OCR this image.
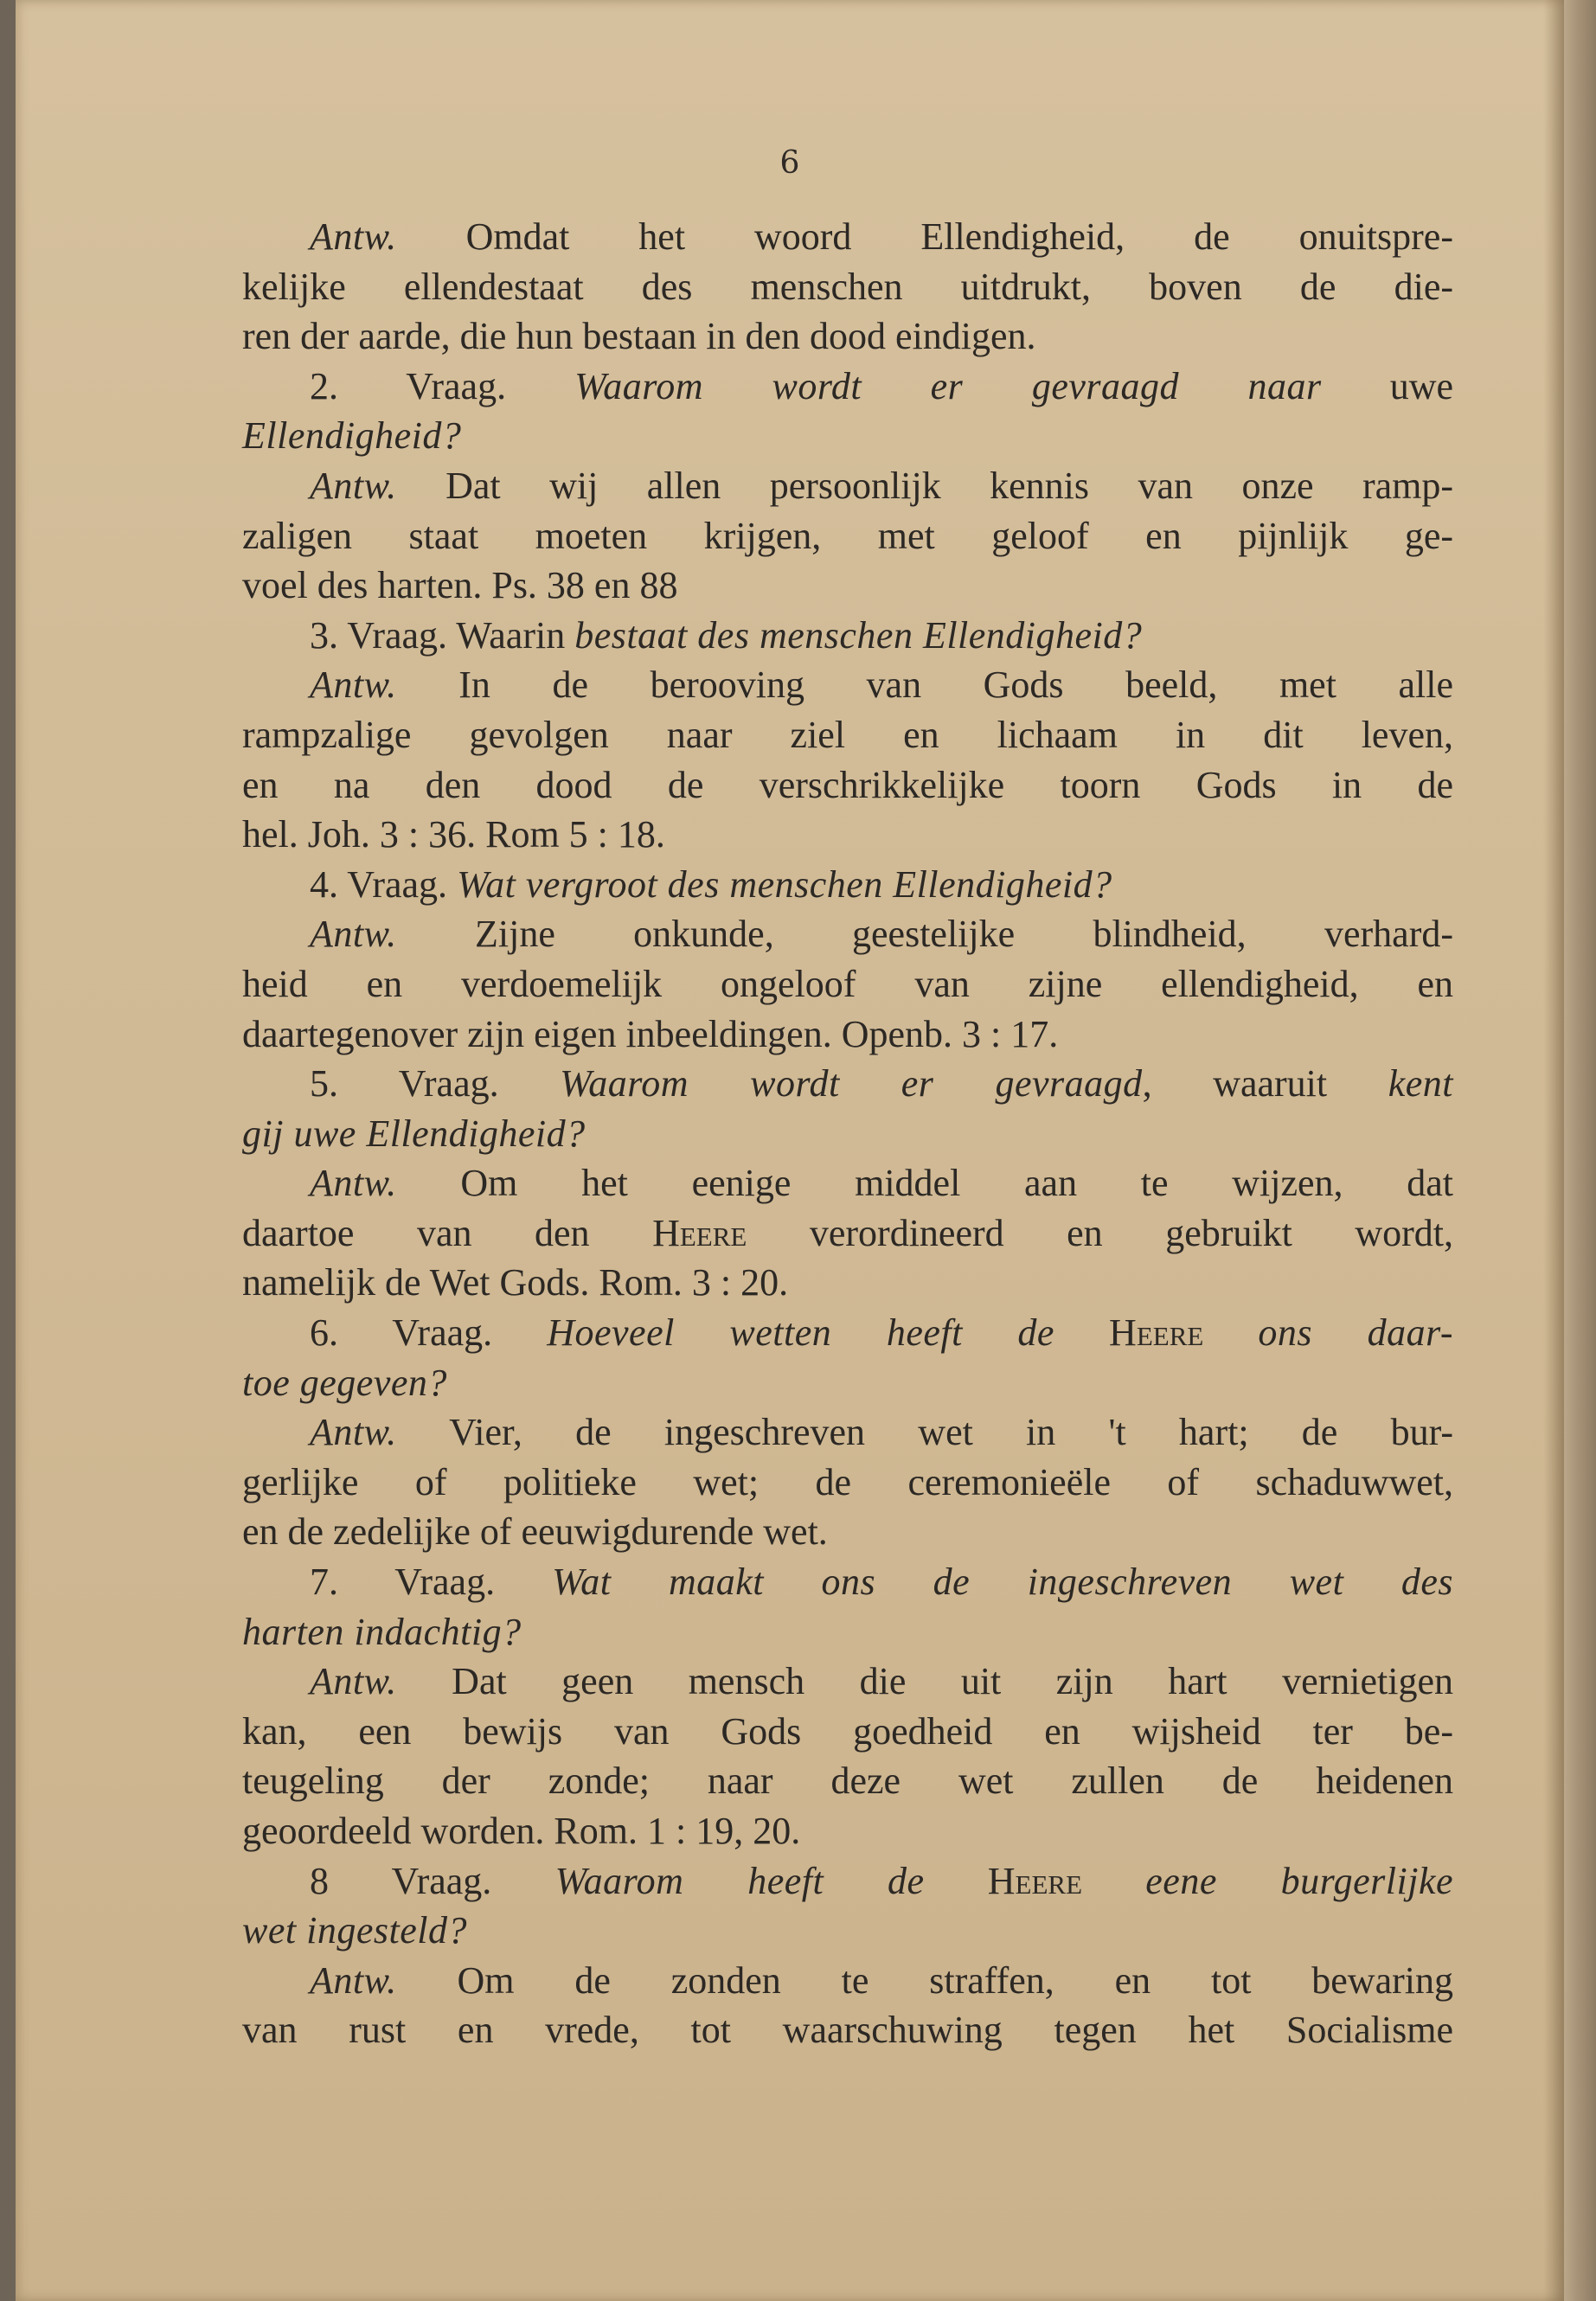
6
Antw. Omdat het woord Ellendigheid, de onuitspre-
kelijke ellendestaat des menschen uitdrukt, boven de die-
ren der aarde, die hun bestaan in den dood eindigen.
2. Vraag. Waarom wordt er gevraagd naar uwe
Ellendigheid?
Antw. Dat wij allen persoonlijk kennis van onze ramp-
zaligen staat moeten krijgen, met geloof en pijnlijk ge-
voel des harten. Ps. 38 en 88
3. Vraag. Waarin bestaat des menschen Ellendigheid?
Antw. In de berooving van Gods beeld, met alle
rampzalige gevolgen naar ziel en lichaam in dit leven,
en na den dood de verschrikkelijke toorn Gods in de
hel. Joh. 3 : 36. Rom 5 : 18.
4. Vraag. Wat vergroot des menschen Ellendigheid?
Antw. Zijne onkunde, geestelijke blindheid, verhard-
heid en verdoemelijk ongeloof van zijne ellendigheid, en
daartegenover zijn eigen inbeeldingen. Openb. 3 : 17.
5. Vraag. Waarom wordt er gevraagd, waaruit kent
gij uwe Ellendigheid?
Antw. Om het eenige middel aan te wijzen, dat
daartoe van den Heere verordineerd en gebruikt wordt,
namelijk de Wet Gods. Rom. 3 : 20.
6. Vraag. Hoeveel wetten heeft de Heere ons daar-
toe gegeven?
Antw. Vier, de ingeschreven wet in 't hart; de bur-
gerlijke of politieke wet; de ceremonieële of schaduwwet,
en de zedelijke of eeuwigdurende wet.
7. Vraag. Wat maakt ons de ingeschreven wet des
harten indachtig?
Antw. Dat geen mensch die uit zijn hart vernietigen
kan, een bewijs van Gods goedheid en wijsheid ter be-
teugeling der zonde; naar deze wet zullen de heidenen
geoordeeld worden. Rom. 1 : 19, 20.
8 Vraag. Waarom heeft de Heere eene burgerlijke
wet ingesteld?
Antw. Om de zonden te straffen, en tot bewaring
van rust en vrede, tot waarschuwing tegen het Socialisme
